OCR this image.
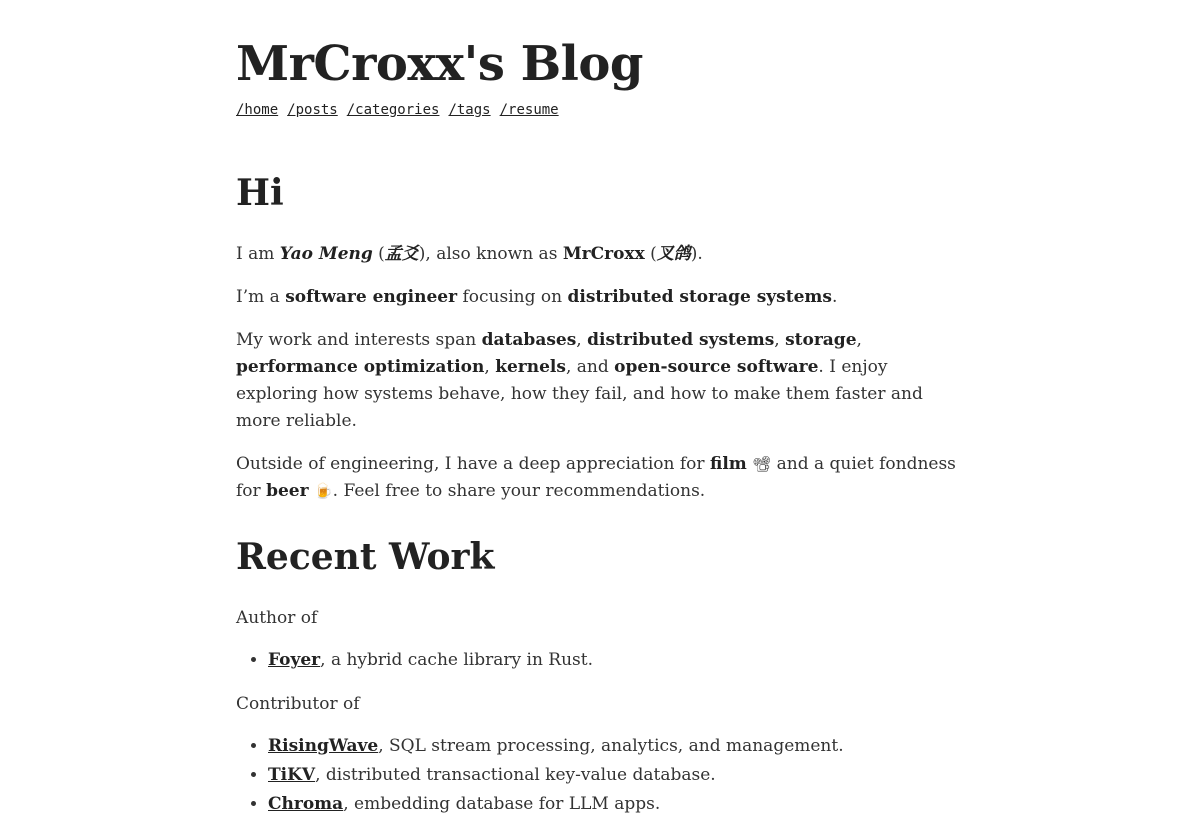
MrCroxx's Blog
/home /posts /categories /tags /resume
Hi

I am Yao Meng (孟爻), also known as MrCroxx (叉鸽).

I’m a software engineer focusing on distributed storage systems.

My work and interests span databases, distributed systems, storage, performance optimization, kernels, and open-source software. I enjoy exploring how systems behave, how they fail, and how to make them faster and more reliable.

Outside of engineering, I have a deep appreciation for film 📽 and a quiet fondness for beer 🍺. Feel free to share your recommendations.

Recent Work

Author of

• Foyer, a hybrid cache library in Rust.

Contributor of

• RisingWave, SQL stream processing, analytics, and management.
• TiKV, distributed transactional key-value database.
• Chroma, embedding database for LLM apps.
